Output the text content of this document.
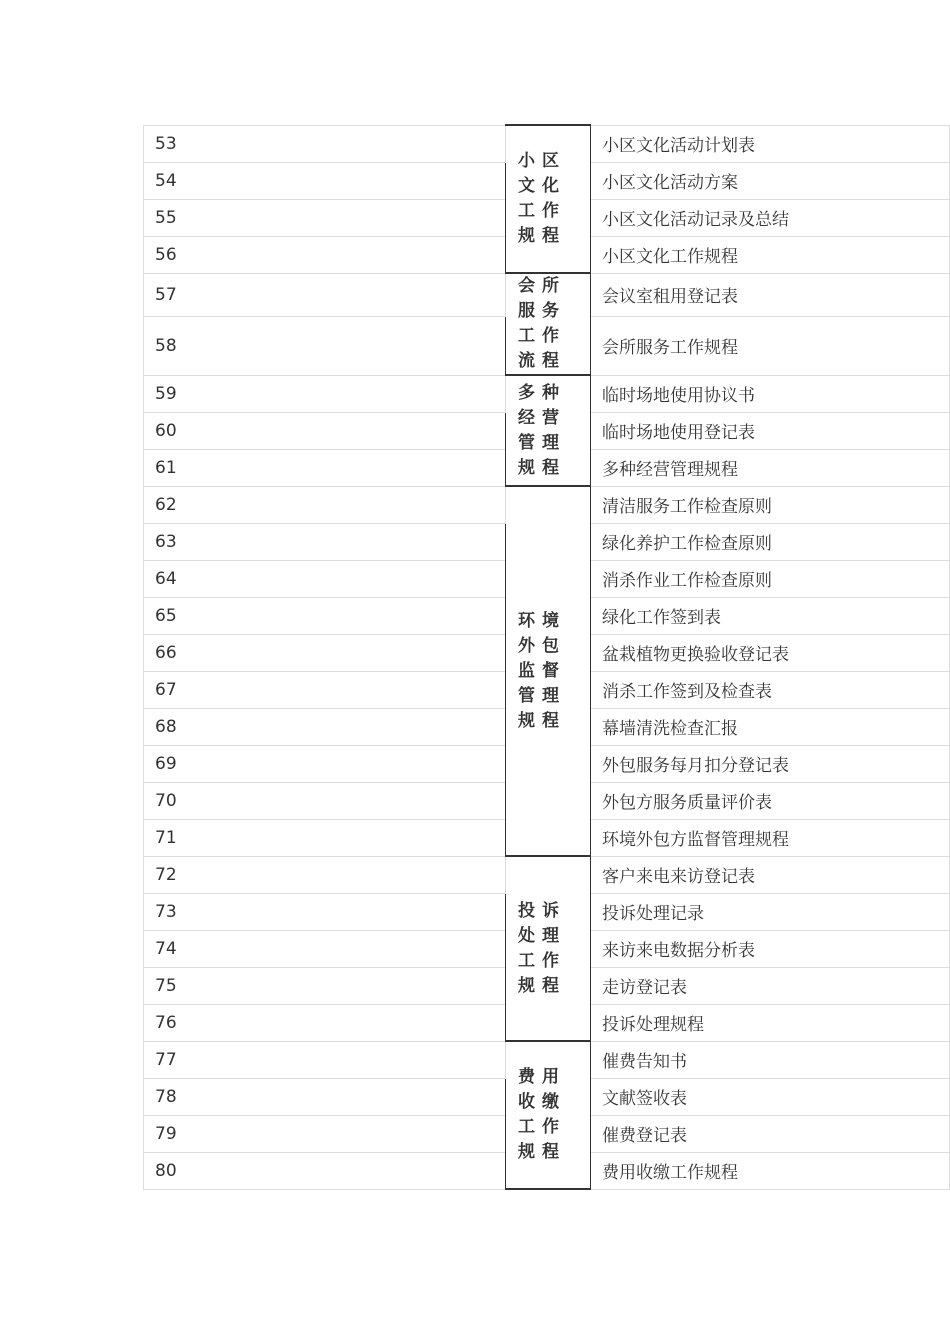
53	小区文化工作规程	小区文化活动计划表
54		小区文化活动方案
55		小区文化活动记录及总结
56		小区文化工作规程
57	会所服务工作流程	会议室租用登记表
58		会所服务工作规程
59	多种经营管理规程	临时场地使用协议书
60		临时场地使用登记表
61		多种经营管理规程
62	环境外包监督管理规程	清洁服务工作检查原则
63		绿化养护工作检查原则
64		消杀作业工作检查原则
65		绿化工作签到表
66		盆栽植物更换验收登记表
67		消杀工作签到及检查表
68		幕墙清洗检查汇报
69		外包服务每月扣分登记表
70		外包方服务质量评价表
71		环境外包方监督管理规程
72	投诉处理工作规程	客户来电来访登记表
73		投诉处理记录
74		来访来电数据分析表
75		走访登记表
76		投诉处理规程
77	费用收缴工作规程	催费告知书
78		文献签收表
79		催费登记表
80		费用收缴工作规程
